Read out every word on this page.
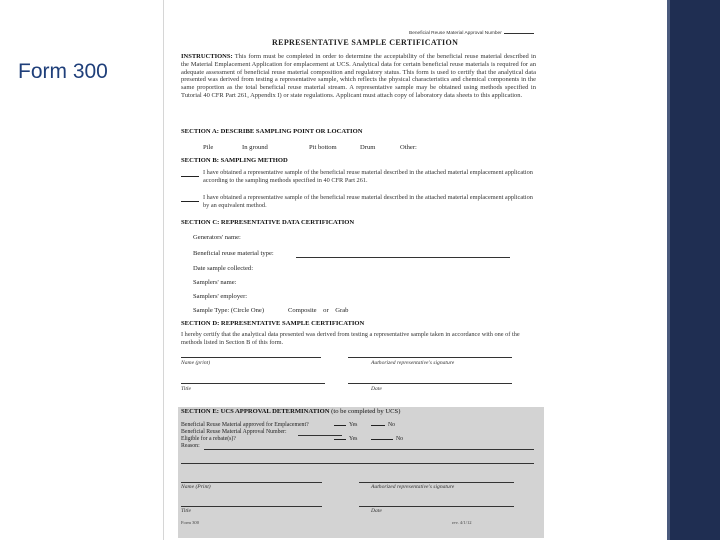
Form 300
Beneficial Reuse Material Approval Number
REPRESENTATIVE SAMPLE CERTIFICATION
INSTRUCTIONS: This form must be completed in order to determine the acceptability of the beneficial reuse material described in the Material Emplacement Application for emplacement at UCS. Analytical data for certain beneficial reuse materials is required for an adequate assessment of beneficial reuse material composition and regulatory status. This form is used to certify that the analytical data presented was derived from testing a representative sample, which reflects the physical characteristics and chemical components in the same proportion as the total beneficial reuse material stream. A representative sample may be obtained using methods specified in Tutorial 40 CFR Part 261, Appendix I) or state regulations. Applicant must attach copy of laboratory data sheets to this application.
SECTION A: DESCRIBE SAMPLING POINT OR LOCATION
Pile	In ground	Pit bottom	Drum	Other:
SECTION B: SAMPLING METHOD
I have obtained a representative sample of the beneficial reuse material described in the attached material emplacement application according to the sampling methods specified in 40 CFR Part 261.
I have obtained a representative sample of the beneficial reuse material described in the attached material emplacement application by an equivalent method.
SECTION C: REPRESENTATIVE DATA CERTIFICATION
Generators' name:
Beneficial reuse material type:
Date sample collected:
Samplers' name:
Samplers' employer:
Sample Type: (Circle One)	Composite    or    Grab
SECTION D: REPRESENTATIVE SAMPLE CERTIFICATION
I hereby certify that the analytical data presented was derived from testing a representative sample taken in accordance with one of the methods listed in Section B of this form.
Name (print)	Authorized representative's signature
Title	Date
SECTION E: UCS APPROVAL DETERMINATION (to be completed by UCS)
Beneficial Reuse Material approved for Emplacement?	Yes	No
Beneficial Reuse Material Approval Number:
Eligible for a rebate(s)?	Yes	No
Reason:
Name (Print)	Authorized representative's signature
Title	Date
Form 300	rev. 4/1/12
